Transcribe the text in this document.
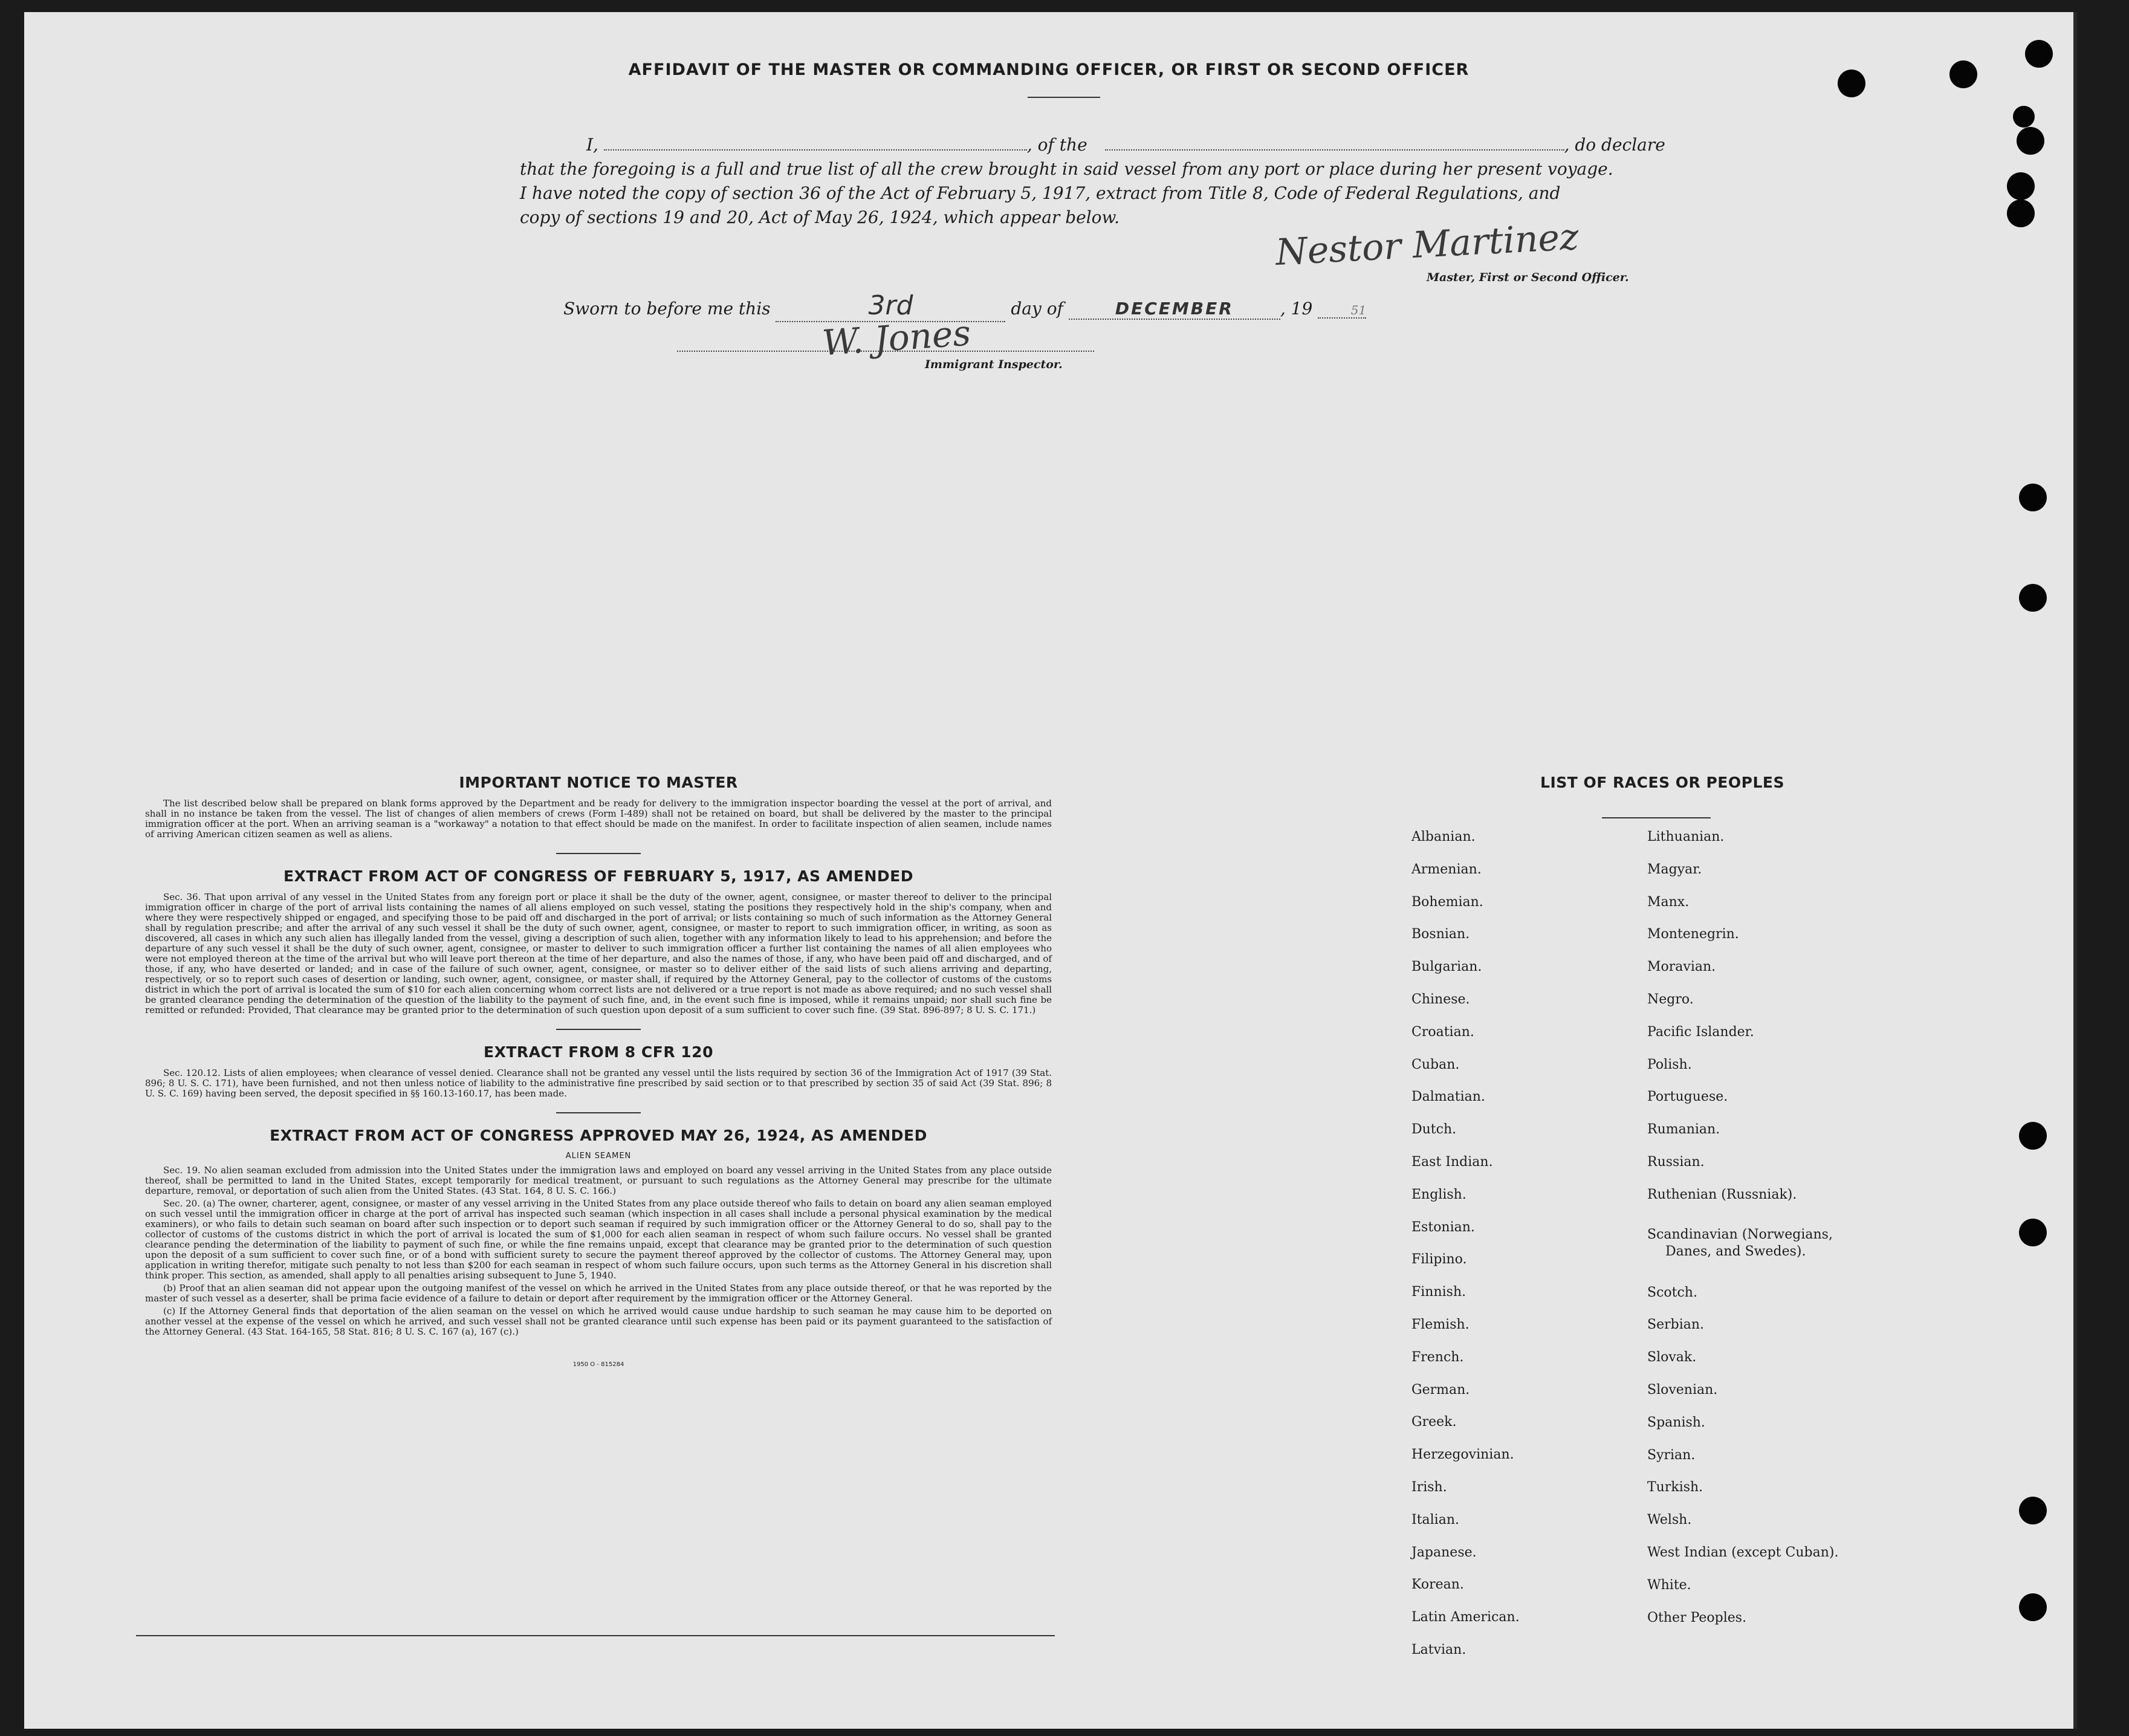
AFFIDAVIT OF THE MASTER OR COMMANDING OFFICER, OR FIRST OR SECOND OFFICER

I,	, of the	, do declare

that the foregoing is a full and true list of all the crew brought in said vessel from any port or place during her present voyage.

I have noted the copy of section 36 of the Act of February 5, 1917, extract from Title 8, Code of Federal Regulations, and

copy of sections 19 and 20, Act of May 26, 1924, which appear below.	Nestor Martinez
Master, First or Second Officer.
Sworn to before me this	3rd	day of	DECEMBER	, 19	51
W. Jones
Immigrant Inspector.
IMPORTANT NOTICE TO MASTER

The list described below shall be prepared on blank forms approved by the Department and be ready for delivery to the immigration inspector boarding the vessel at the port of arrival, and shall in no instance be taken from the vessel. The list of changes of alien members of crews (Form I-489) shall not be retained on board, but shall be delivered by the master to the principal immigration officer at the port. When an arriving seaman is a "workaway" a notation to that effect should be made on the manifest. In order to facilitate inspection of alien seamen, include names of arriving American citizen seamen as well as aliens.

EXTRACT FROM ACT OF CONGRESS OF FEBRUARY 5, 1917, AS AMENDED

Sec. 36. That upon arrival of any vessel in the United States from any foreign port or place it shall be the duty of the owner, agent, consignee, or master thereof to deliver to the principal immigration officer in charge of the port of arrival lists containing the names of all aliens employed on such vessel, stating the positions they respectively hold in the ship's company, when and where they were respectively shipped or engaged, and specifying those to be paid off and discharged in the port of arrival; or lists containing so much of such information as the Attorney General shall by regulation prescribe; and after the arrival of any such vessel it shall be the duty of such owner, agent, consignee, or master to report to such immigration officer, in writing, as soon as discovered, all cases in which any such alien has illegally landed from the vessel, giving a description of such alien, together with any information likely to lead to his apprehension; and before the departure of any such vessel it shall be the duty of such owner, agent, consignee, or master to deliver to such immigration officer a further list containing the names of all alien employees who were not employed thereon at the time of the arrival but who will leave port thereon at the time of her departure, and also the names of those, if any, who have been paid off and discharged, and of those, if any, who have deserted or landed; and in case of the failure of such owner, agent, consignee, or master so to deliver either of the said lists of such aliens arriving and departing, respectively, or so to report such cases of desertion or landing, such owner, agent, consignee, or master shall, if required by the Attorney General, pay to the collector of customs of the customs district in which the port of arrival is located the sum of $10 for each alien concerning whom correct lists are not delivered or a true report is not made as above required; and no such vessel shall be granted clearance pending the determination of the question of the liability to the payment of such fine, and, in the event such fine is imposed, while it remains unpaid; nor shall such fine be remitted or refunded: Provided, That clearance may be granted prior to the determination of such question upon deposit of a sum sufficient to cover such fine. (39 Stat. 896-897; 8 U. S. C. 171.)

EXTRACT FROM 8 CFR 120

Sec. 120.12. Lists of alien employees; when clearance of vessel denied. Clearance shall not be granted any vessel until the lists required by section 36 of the Immigration Act of 1917 (39 Stat. 896; 8 U. S. C. 171), have been furnished, and not then unless notice of liability to the administrative fine prescribed by said section or to that prescribed by section 35 of said Act (39 Stat. 896; 8 U. S. C. 169) having been served, the deposit specified in §§ 160.13-160.17, has been made.

EXTRACT FROM ACT OF CONGRESS APPROVED MAY 26, 1924, AS AMENDED
ALIEN SEAMEN

Sec. 19. No alien seaman excluded from admission into the United States under the immigration laws and employed on board any vessel arriving in the United States from any place outside thereof, shall be permitted to land in the United States, except temporarily for medical treatment, or pursuant to such regulations as the Attorney General may prescribe for the ultimate departure, removal, or deportation of such alien from the United States. (43 Stat. 164, 8 U. S. C. 166.)

Sec. 20. (a) The owner, charterer, agent, consignee, or master of any vessel arriving in the United States from any place outside thereof who fails to detain on board any alien seaman employed on such vessel until the immigration officer in charge at the port of arrival has inspected such seaman (which inspection in all cases shall include a personal physical examination by the medical examiners), or who fails to detain such seaman on board after such inspection or to deport such seaman if required by such immigration officer or the Attorney General to do so, shall pay to the collector of customs of the customs district in which the port of arrival is located the sum of $1,000 for each alien seaman in respect of whom such failure occurs. No vessel shall be granted clearance pending the determination of the liability to payment of such fine, or while the fine remains unpaid, except that clearance may be granted prior to the determination of such question upon the deposit of a sum sufficient to cover such fine, or of a bond with sufficient surety to secure the payment thereof approved by the collector of customs. The Attorney General may, upon application in writing therefor, mitigate such penalty to not less than $200 for each seaman in respect of whom such failure occurs, upon such terms as the Attorney General in his discretion shall think proper. This section, as amended, shall apply to all penalties arising subsequent to June 5, 1940.

(b) Proof that an alien seaman did not appear upon the outgoing manifest of the vessel on which he arrived in the United States from any place outside thereof, or that he was reported by the master of such vessel as a deserter, shall be prima facie evidence of a failure to detain or deport after requirement by the immigration officer or the Attorney General.

(c) If the Attorney General finds that deportation of the alien seaman on the vessel on which he arrived would cause undue hardship to such seaman he may cause him to be deported on another vessel at the expense of the vessel on which he arrived, and such vessel shall not be granted clearance until such expense has been paid or its payment guaranteed to the satisfaction of the Attorney General. (43 Stat. 164-165, 58 Stat. 816; 8 U. S. C. 167 (a), 167 (c).)

1950 O - 815284
LIST OF RACES OR PEOPLES
Albanian.
Armenian.
Bohemian.
Bosnian.
Bulgarian.
Chinese.
Croatian.
Cuban.
Dalmatian.
Dutch.
East Indian.
English.
Estonian.
Filipino.
Finnish.
Flemish.
French.
German.
Greek.
Herzegovinian.
Irish.
Italian.
Japanese.
Korean.
Latin American.
Latvian.
Lithuanian.
Magyar.
Manx.
Montenegrin.
Moravian.
Negro.
Pacific Islander.
Polish.
Portuguese.
Rumanian.
Russian.
Ruthenian (Russniak).
Scandinavian (Norwegians,
Danes, and Swedes).
Scotch.
Serbian.
Slovak.
Slovenian.
Spanish.
Syrian.
Turkish.
Welsh.
West Indian (except Cuban).
White.
Other Peoples.
